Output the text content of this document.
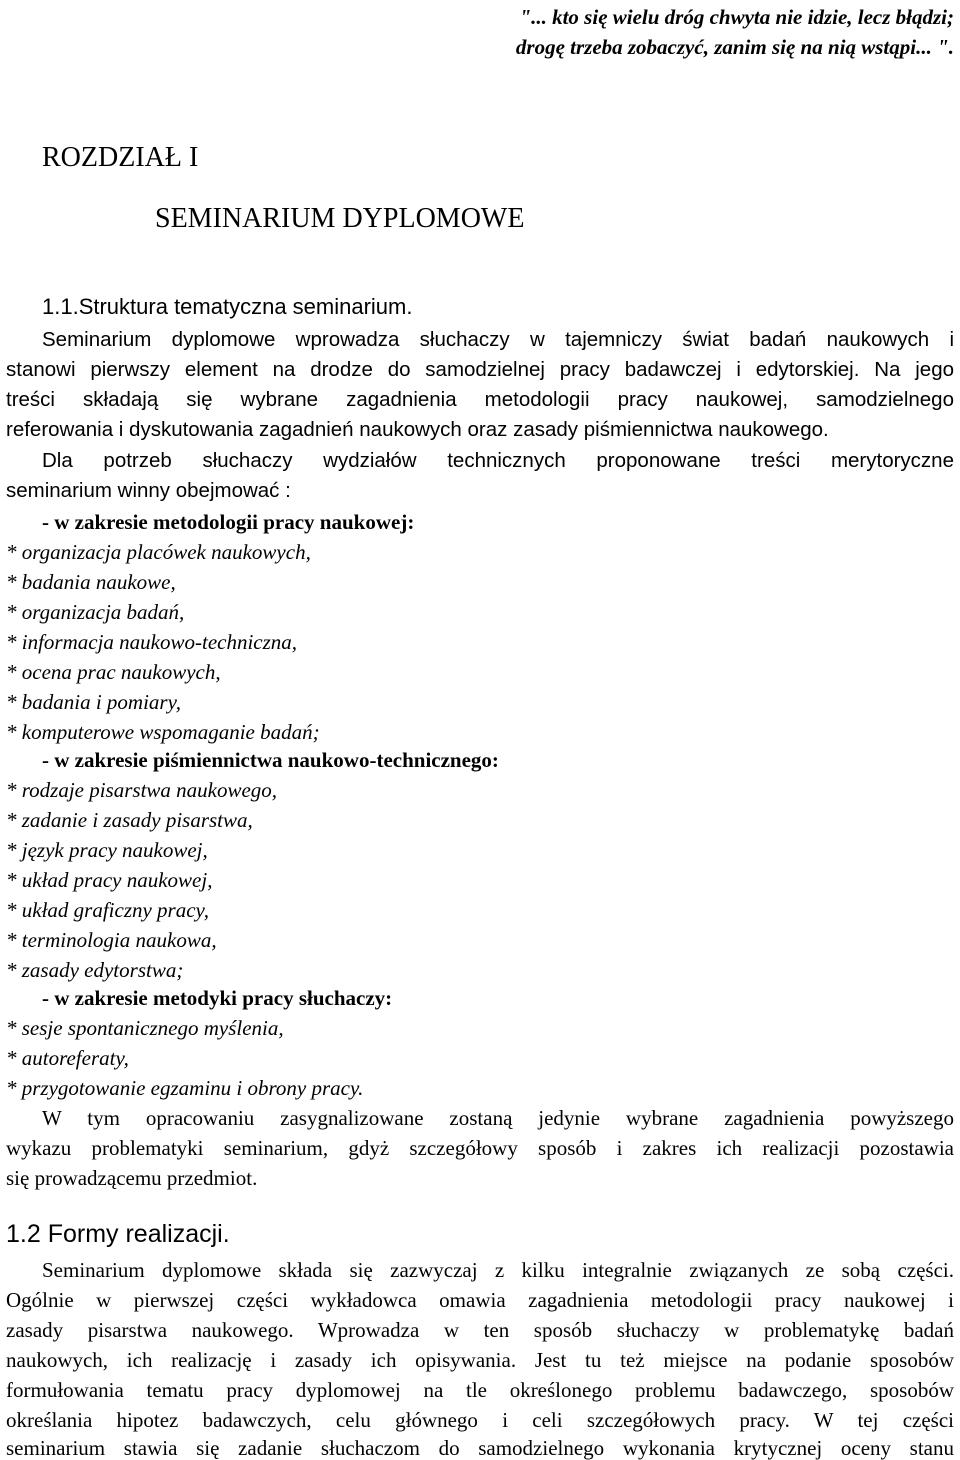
"... kto się wielu dróg chwyta nie idzie, lecz błądzi;
drogę trzeba zobaczyć, zanim się na nią wstąpi... ".
ROZDZIAŁ I
SEMINARIUM DYPLOMOWE
1.1.Struktura tematyczna seminarium.
Seminarium dyplomowe wprowadza słuchaczy w tajemniczy świat badań naukowych i
stanowi pierwszy element na drodze do samodzielnej pracy badawczej i edytorskiej. Na jego
treści składają się wybrane zagadnienia metodologii pracy naukowej, samodzielnego
referowania i dyskutowania zagadnień naukowych oraz zasady piśmiennictwa naukowego.
Dla potrzeb słuchaczy wydziałów technicznych proponowane treści merytoryczne
seminarium winny obejmować :
- w zakresie metodologii pracy naukowej:
* organizacja placówek naukowych,
* badania naukowe,
* organizacja badań,
* informacja naukowo-techniczna,
* ocena prac naukowych,
* badania i pomiary,
* komputerowe wspomaganie badań;
- w zakresie piśmiennictwa naukowo-technicznego:
* rodzaje pisarstwa naukowego,
* zadanie i zasady pisarstwa,
* język pracy naukowej,
* układ pracy naukowej,
* układ graficzny pracy,
* terminologia naukowa,
* zasady edytorstwa;
- w zakresie metodyki pracy słuchaczy:
* sesje spontanicznego myślenia,
* autoreferaty,
* przygotowanie egzaminu i obrony pracy.
W tym opracowaniu zasygnalizowane zostaną jedynie wybrane zagadnienia powyższego
wykazu problematyki seminarium, gdyż szczegółowy sposób i zakres ich realizacji pozostawia
się prowadzącemu przedmiot.
1.2 Formy realizacji.
Seminarium dyplomowe składa się zazwyczaj z kilku integralnie związanych ze sobą części.
Ogólnie w pierwszej części wykładowca omawia zagadnienia metodologii pracy naukowej i
zasady pisarstwa naukowego. Wprowadza w ten sposób słuchaczy w problematykę badań
naukowych, ich realizację i zasady ich opisywania. Jest tu też miejsce na podanie sposobów
formułowania tematu pracy dyplomowej na tle określonego problemu badawczego, sposobów
określania hipotez badawczych, celu głównego i celi szczegółowych pracy. W tej części
seminarium stawia się zadanie słuchaczom do samodzielnego wykonania krytycznej oceny stanu
